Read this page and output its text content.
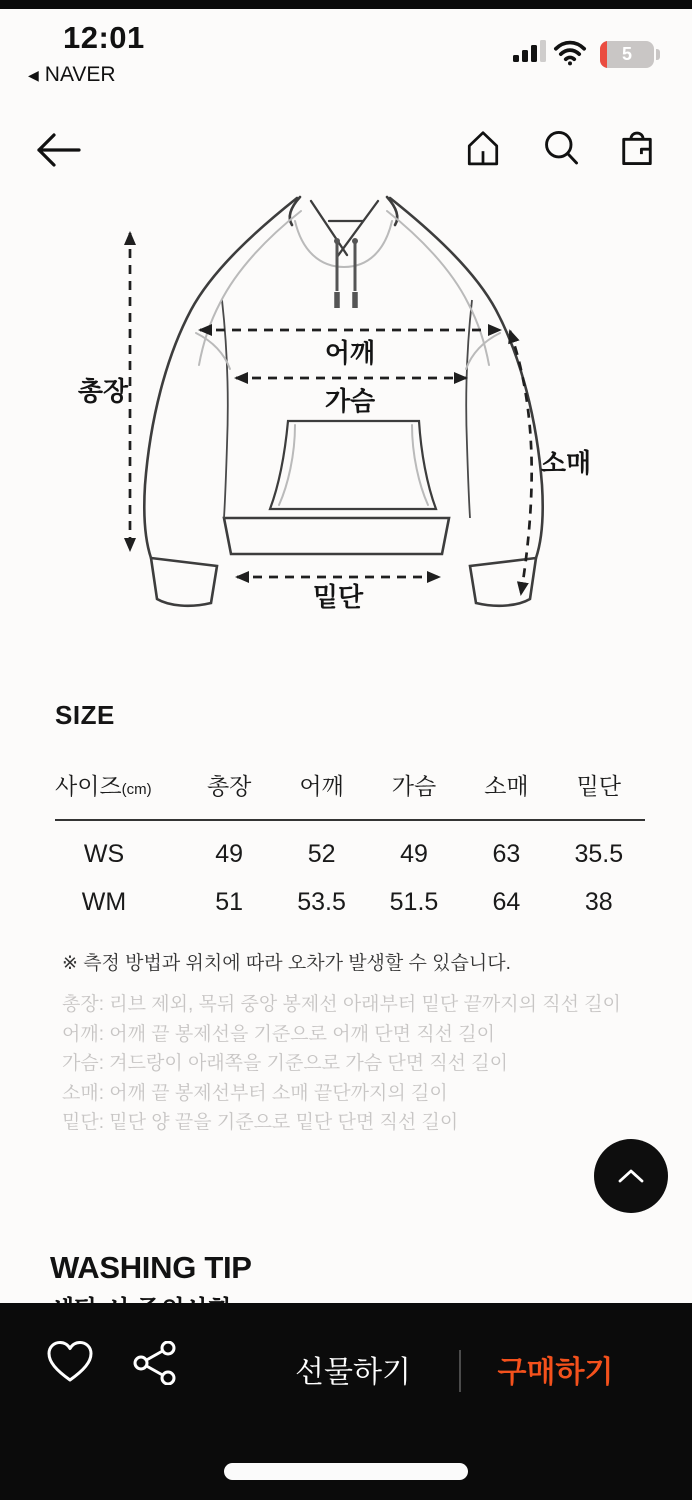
12:01
◀ NAVER
5
어깨
가슴
총장
소매
밑단
SIZE
사이즈(cm)	총장	어깨	가슴	소매	밑단
WS	49	52	49	63	35.5
WM	51	53.5	51.5	64	38
※ 측정 방법과 위치에 따라 오차가 발생할 수 있습니다.
총장: 리브 제외, 목뒤 중앙 봉제선 아래부터 밑단 끝까지의 직선 길이
어깨: 어깨 끝 봉제선을 기준으로 어깨 단면 직선 길이
가슴: 겨드랑이 아래쪽을 기준으로 가슴 단면 직선 길이
소매: 어깨 끝 봉제선부터 소매 끝단까지의 길이
밑단: 밑단 양 끝을 기준으로 밑단 단면 직선 길이
WASHING TIP
선물하기	구매하기
